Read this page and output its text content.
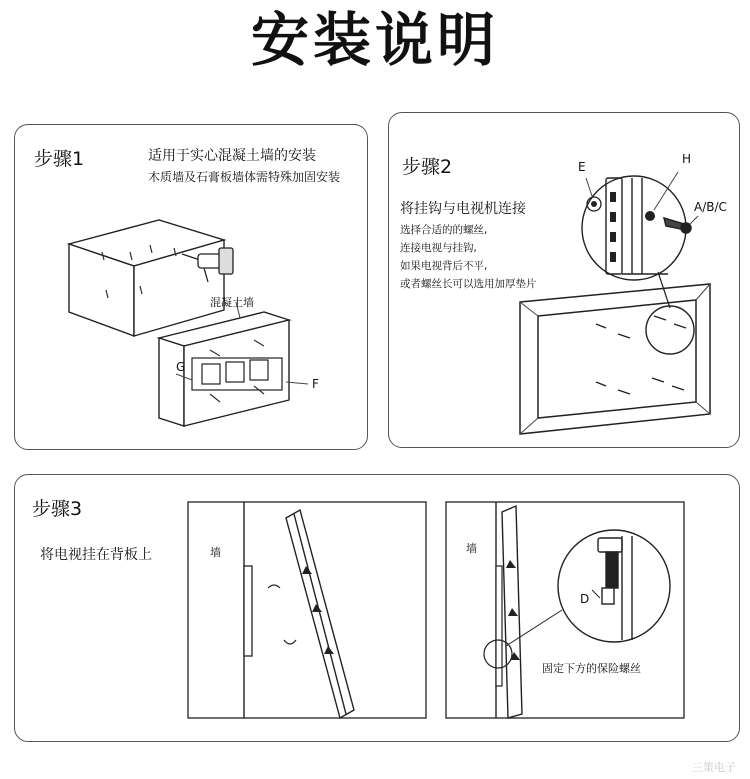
安装说明
步骤1	适用于实心混凝土墙的安装
木质墙及石膏板墙体需特殊加固安装
混凝土墙
G
F
步骤2
将挂钩与电视机连接
选择合适的的螺丝,
连接电视与挂钩,
如果电视背后不平,
或者螺丝长可以选用加厚垫片
E
H
A/B/C
步骤3
将电视挂在背板上	墙	墙
D
固定下方的保险螺丝
三策电子
